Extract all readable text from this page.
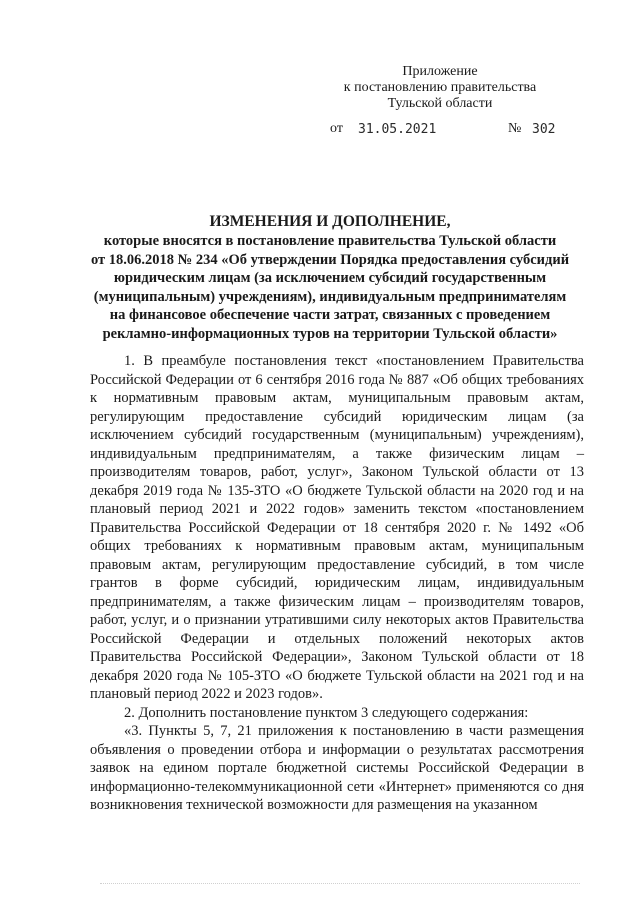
Приложение
к постановлению правительства
Тульской области
от 31.05.2021	№ 302
ИЗМЕНЕНИЯ И ДОПОЛНЕНИЕ,
которые вносятся в постановление правительства Тульской области
от 18.06.2018 № 234 «Об утверждении Порядка предоставления субсидий
юридическим лицам (за исключением субсидий государственным
(муниципальным) учреждениям), индивидуальным предпринимателям
на финансовое обеспечение части затрат, связанных с проведением
рекламно-информационных туров на территории Тульской области»

1. В преамбуле постановления текст «постановлением Правительства Российской Федерации от 6 сентября 2016 года № 887 «Об общих требованиях к нормативным правовым актам, муниципальным правовым актам, регулирующим предоставление субсидий юридическим лицам (за исключением субсидий государственным (муниципальным) учреждениям), индивидуальным предпринимателям, а также физическим лицам – производителям товаров, работ, услуг», Законом Тульской области от 13 декабря 2019 года № 135-ЗТО «О бюджете Тульской области на 2020 год и на плановый период 2021 и 2022 годов» заменить текстом «постановлением Правительства Российской Федерации от 18 сентября 2020 г. № 1492 «Об общих требованиях к нормативным правовым актам, муниципальным правовым актам, регулирующим предоставление субсидий, в том числе грантов в форме субсидий, юридическим лицам, индивидуальным предпринимателям, а также физическим лицам – производителям товаров, работ, услуг, и о признании утратившими силу некоторых актов Правительства Российской Федерации и отдельных положений некоторых актов Правительства Российской Федерации», Законом Тульской области от 18 декабря 2020 года № 105-ЗТО «О бюджете Тульской области на 2021 год и на плановый период 2022 и 2023 годов».

2. Дополнить постановление пунктом 3 следующего содержания:

«3. Пункты 5, 7, 21 приложения к постановлению в части размещения объявления о проведении отбора и информации о результатах рассмотрения заявок на едином портале бюджетной системы Российской Федерации в информационно-телекоммуникационной сети «Интернет» применяются со дня возникновения технической возможности для размещения на указанном
